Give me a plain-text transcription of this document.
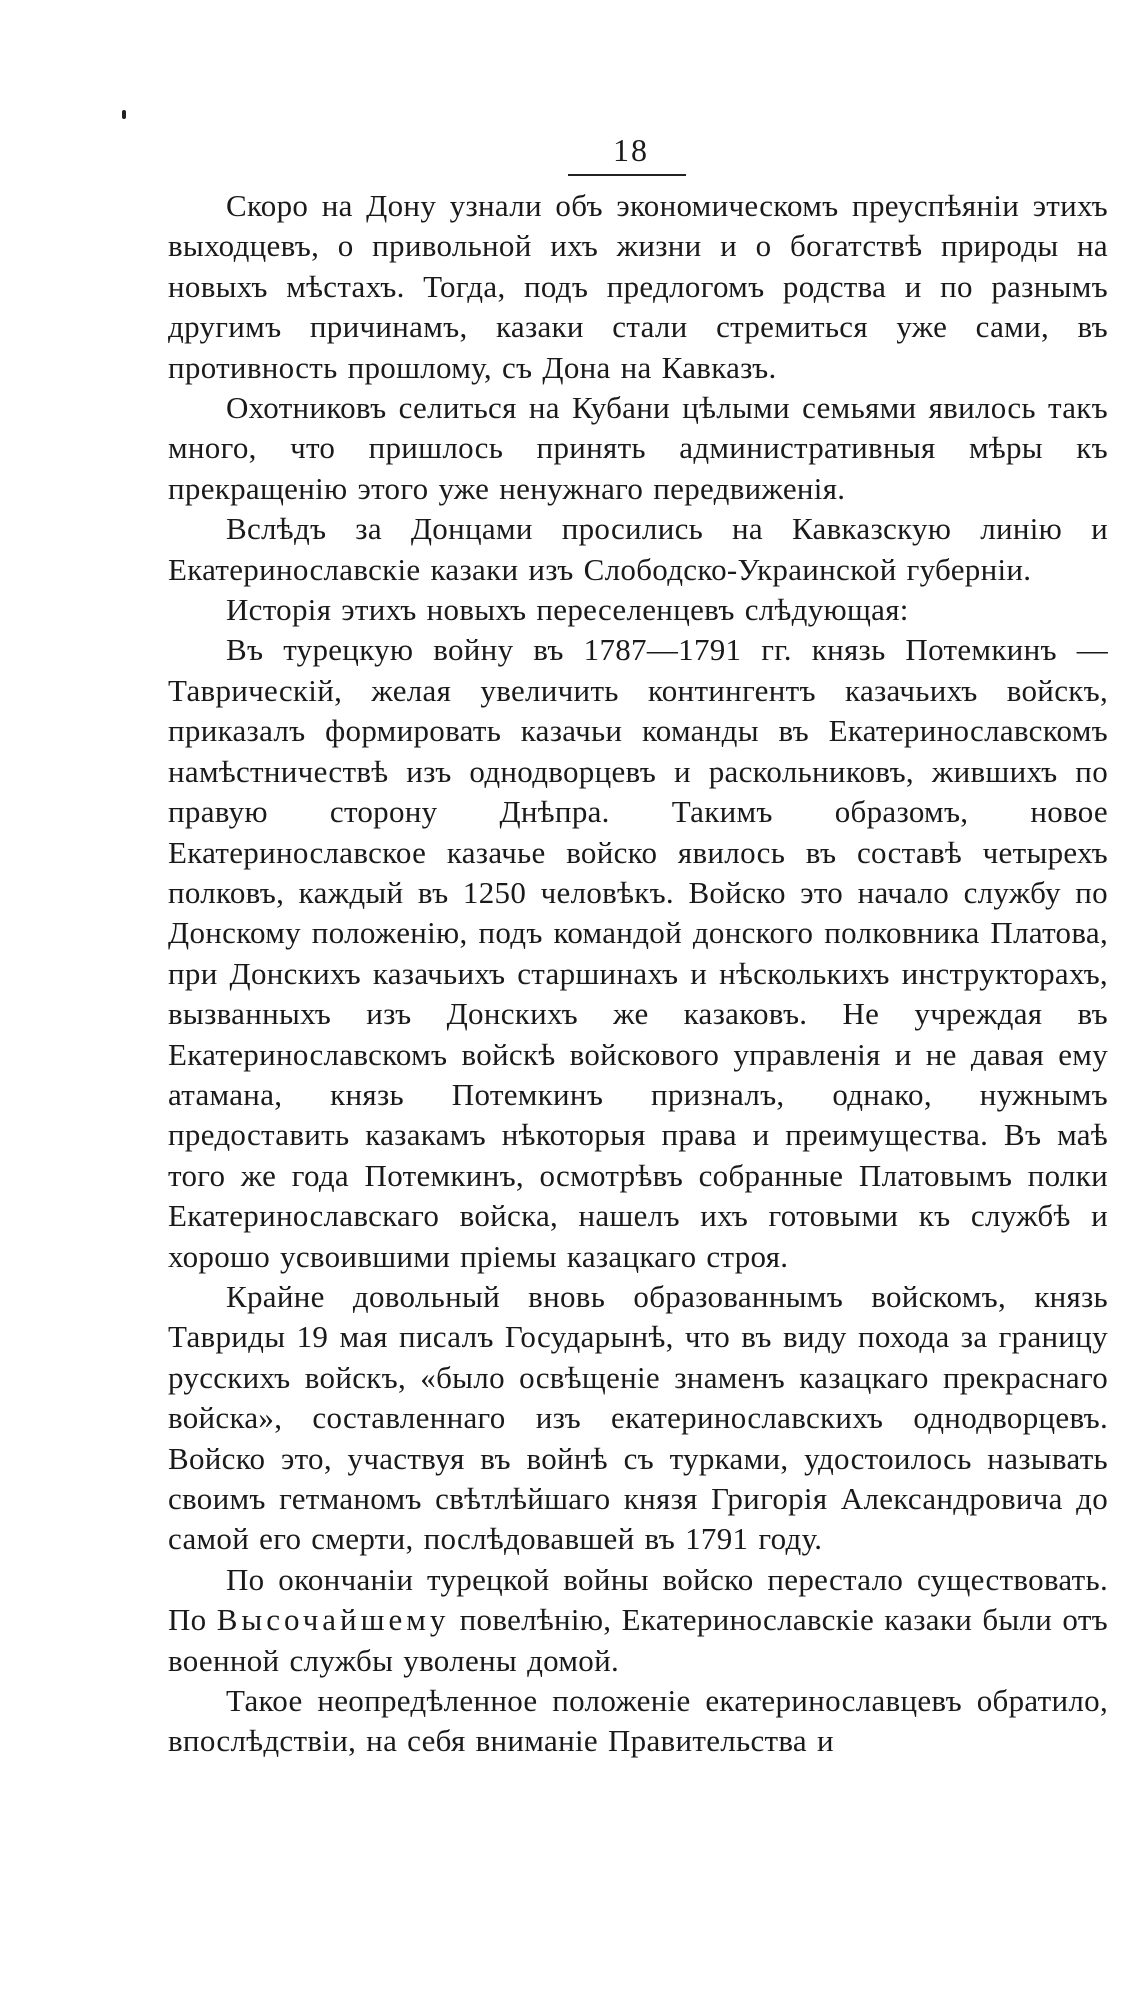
18

Скоро на Дону узнали объ экономическомъ преуспѣянiи этихъ выходцевъ, о привольной ихъ жизни и о богатствѣ природы на новыхъ мѣстахъ. Тогда, подъ предлогомъ родства и по разнымъ другимъ причинамъ, казаки стали стремиться уже сами, въ противность прошлому, съ Дона на Кавказъ.

Охотниковъ селиться на Кубани цѣлыми семьями явилось такъ много, что пришлось принять административныя мѣры къ прекращенiю этого уже ненужнаго передвиженiя.

Вслѣдъ за Донцами просились на Кавказскую линiю и Екатеринославскiе казаки изъ Слободско-Украинской губернiи.

Исторiя этихъ новыхъ переселенцевъ слѣдующая:

Въ турецкую войну въ 1787—1791 гг. князь Потемкинъ — Таврическiй, желая увеличить контингентъ казачьихъ войскъ, приказалъ формировать казачьи команды въ Екатеринославскомъ намѣстничествѣ изъ однодворцевъ и раскольниковъ, жившихъ по правую сторону Днѣпра. Такимъ образомъ, новое Екатеринославское казачье войско явилось въ составѣ четырехъ полковъ, каждый въ 1250 человѣкъ. Войско это начало службу по Донскому положенiю, подъ командой донского полковника Платова, при Донскихъ казачьихъ старшинахъ и нѣсколькихъ инструкторахъ, вызванныхъ изъ Донскихъ же казаковъ. Не учреждая въ Екатеринославскомъ войскѣ войскового управленiя и не давая ему атамана, князь Потемкинъ призналъ, однако, нужнымъ предоставить казакамъ нѣкоторыя права и преимущества. Въ маѣ того же года Потемкинъ, осмотрѣвъ собранные Платовымъ полки Екатеринославскаго войска, нашелъ ихъ готовыми къ службѣ и хорошо усвоившими прiемы казацкаго строя.

Крайне довольный вновь образованнымъ войскомъ, князь Тавриды 19 мая писалъ Государынѣ, что въ виду похода за границу русскихъ войскъ, «было освѣщенiе знаменъ казацкаго прекраснаго войска», составленнаго изъ екатеринославскихъ однодворцевъ. Войско это, участвуя въ войнѣ съ турками, удостоилось называть своимъ гетманомъ свѣтлѣйшаго князя Григорiя Александровича до самой его смерти, послѣдовавшей въ 1791 году.

По окончанiи турецкой войны войско перестало существовать. По Высочайшему повелѣнiю, Екатеринославскiе казаки были отъ военной службы уволены домой.

Такое неопредѣленное положенiе екатеринославцевъ обратило, впослѣдствiи, на себя вниманiе Правительства и
